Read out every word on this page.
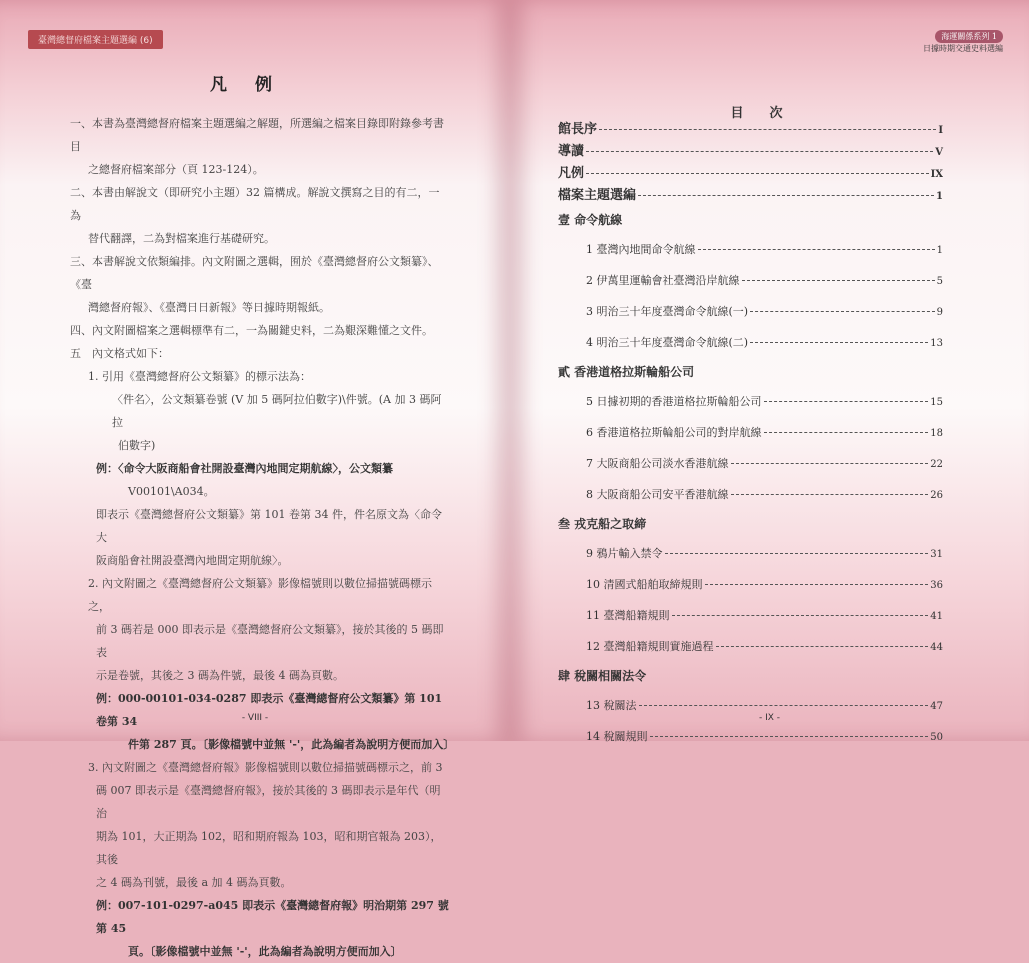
臺灣總督府檔案主題選編 (6)
凡例

一、本書為臺灣總督府檔案主題選編之解題，所選編之檔案目錄即附錄參考書目

之總督府檔案部分（頁 123-124）。

二、本書由解說文（即研究小主題）32 篇構成。解說文撰寫之目的有二，一為

替代翻譯，二為對檔案進行基礎研究。

三、本書解說文依類編排。內文附圖之選輯，囿於《臺灣總督府公文類纂》、《臺

灣總督府報》、《臺灣日日新報》等日據時期報紙。

四、內文附圖檔案之選輯標準有二，一為關鍵史料，二為艱深難懂之文件。

五　內文格式如下：

1. 引用《臺灣總督府公文類纂》的標示法為：

〈件名〉，公文類纂卷號 (V 加 5 碼阿拉伯數字)\件號。(A 加 3 碼阿拉

伯數字)

例：〈命令大阪商船會社開設臺灣內地間定期航線〉，公文類纂

V00101\A034。

即表示《臺灣總督府公文類纂》第 101 卷第 34 件，件名原文為〈命令大

阪商船會社開設臺灣內地間定期航線〉。

2. 內文附圖之《臺灣總督府公文類纂》影像檔號則以數位掃描號碼標示之，

前 3 碼若是 000 即表示是《臺灣總督府公文類纂》，接於其後的 5 碼即表

示是卷號，其後之 3 碼為件號，最後 4 碼為頁數。

例：000-00101-034-0287 即表示《臺灣總督府公文類纂》第 101 卷第 34

件第 287 頁。〔影像檔號中並無 '-'，此為編者為說明方便而加入〕

3. 內文附圖之《臺灣總督府報》影像檔號則以數位掃描號碼標示之，前 3

碼 007 即表示是《臺灣總督府報》，接於其後的 3 碼即表示是年代（明治

期為 101，大正期為 102，昭和期府報為 103，昭和期官報為 203），其後

之 4 碼為刊號，最後 a 加 4 碼為頁數。

例：007-101-0297-a045 即表示《臺灣總督府報》明治期第 297 號第 45

頁。〔影像檔號中並無 '-'，此為編者為說明方便而加入〕

- VIII -
海運關係系列 1
日據時期交通史料選編
目次
館長序	I
導讀	V
凡例	IX
檔案主題選編	1
壹 命令航線
1 臺灣內地間命令航線	1
2 伊萬里運輸會社臺灣沿岸航線	5
3 明治三十年度臺灣命令航線(一)	9
4 明治三十年度臺灣命令航線(二)	13
貳 香港道格拉斯輪船公司
5 日據初期的香港道格拉斯輪船公司	15
6 香港道格拉斯輪船公司的對岸航線	18
7 大阪商船公司淡水香港航線	22
8 大阪商船公司安平香港航線	26
叁 戎克船之取締
9 鴉片輸入禁令	31
10 清國式船舶取締規則	36
11 臺灣船籍規則	41
12 臺灣船籍規則實施過程	44
肆 稅關相關法令
13 稅關法	47
14 稅關規則	50
- IX -
